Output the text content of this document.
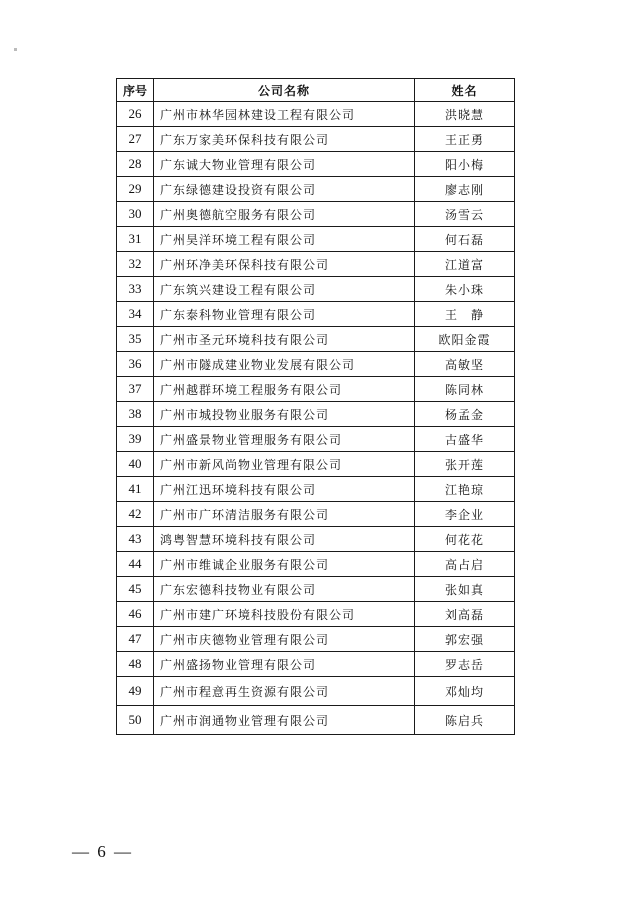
序号	公司名称	姓名
26	广州市林华园林建设工程有限公司	洪晓慧
27	广东万家美环保科技有限公司	王正勇
28	广东诚大物业管理有限公司	阳小梅
29	广东绿德建设投资有限公司	廖志刚
30	广州奥德航空服务有限公司	汤雪云
31	广州昊洋环境工程有限公司	何石磊
32	广州环净美环保科技有限公司	江道富
33	广东筑兴建设工程有限公司	朱小珠
34	广东泰科物业管理有限公司	王　静
35	广州市圣元环境科技有限公司	欧阳金霞
36	广州市隧成建业物业发展有限公司	高敏坚
37	广州越群环境工程服务有限公司	陈同林
38	广州市城投物业服务有限公司	杨孟金
39	广州盛景物业管理服务有限公司	古盛华
40	广州市新风尚物业管理有限公司	张开莲
41	广州江迅环境科技有限公司	江艳琼
42	广州市广环清洁服务有限公司	李企业
43	鸿粤智慧环境科技有限公司	何花花
44	广州市维诚企业服务有限公司	高占启
45	广东宏德科技物业有限公司	张如真
46	广州市建广环境科技股份有限公司	刘高磊
47	广州市庆德物业管理有限公司	郭宏强
48	广州盛扬物业管理有限公司	罗志岳
49	广州市程意再生资源有限公司	邓灿均
50	广州市润通物业管理有限公司	陈启兵
— 6 —
